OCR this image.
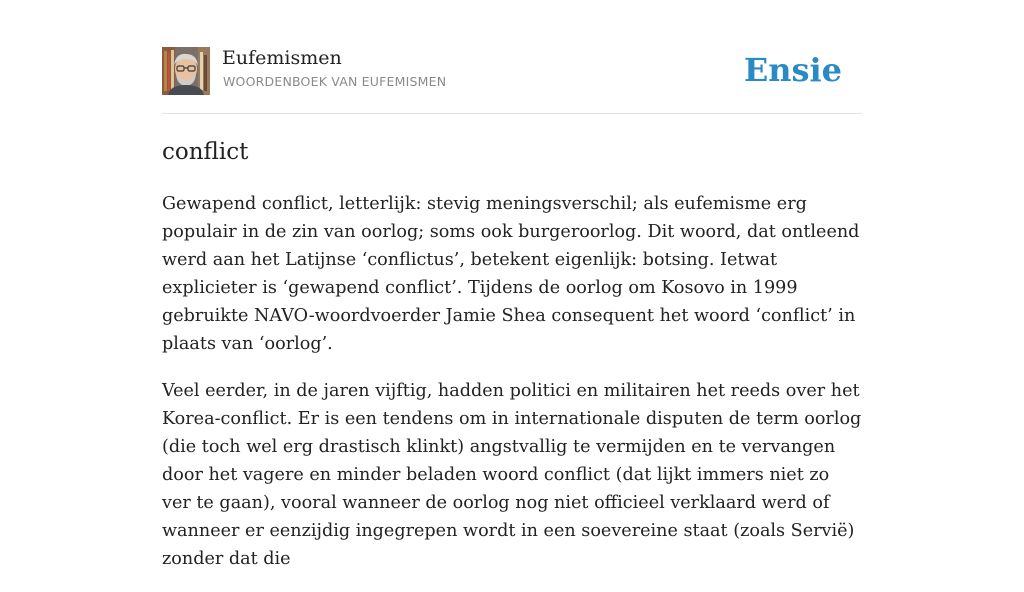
Eufemismen
WOORDENBOEK VAN EUFEMISMEN	Ensie
conflict

Gewapend conflict, letterlijk: stevig meningsverschil; als eufemisme erg populair in de zin van oorlog; soms ook burgeroorlog. Dit woord, dat ontleend werd aan het Latijnse ‘conflictus’, betekent eigenlijk: botsing. Ietwat explicieter is ‘gewapend conflict’. Tijdens de oorlog om Kosovo in 1999 gebruikte NAVO-woordvoerder Jamie Shea consequent het woord ‘conflict’ in plaats van ‘oorlog’.

Veel eerder, in de jaren vijftig, hadden politici en militairen het reeds over het Korea-conflict. Er is een tendens om in internationale disputen de term oorlog (die toch wel erg drastisch klinkt) angstvallig te vermijden en te vervangen door het vagere en minder beladen woord conflict (dat lijkt immers niet zo ver te gaan), vooral wanneer de oorlog nog niet officieel verklaard werd of wanneer er eenzijdig ingegrepen wordt in een soevereine staat (zoals Servië) zonder dat die
